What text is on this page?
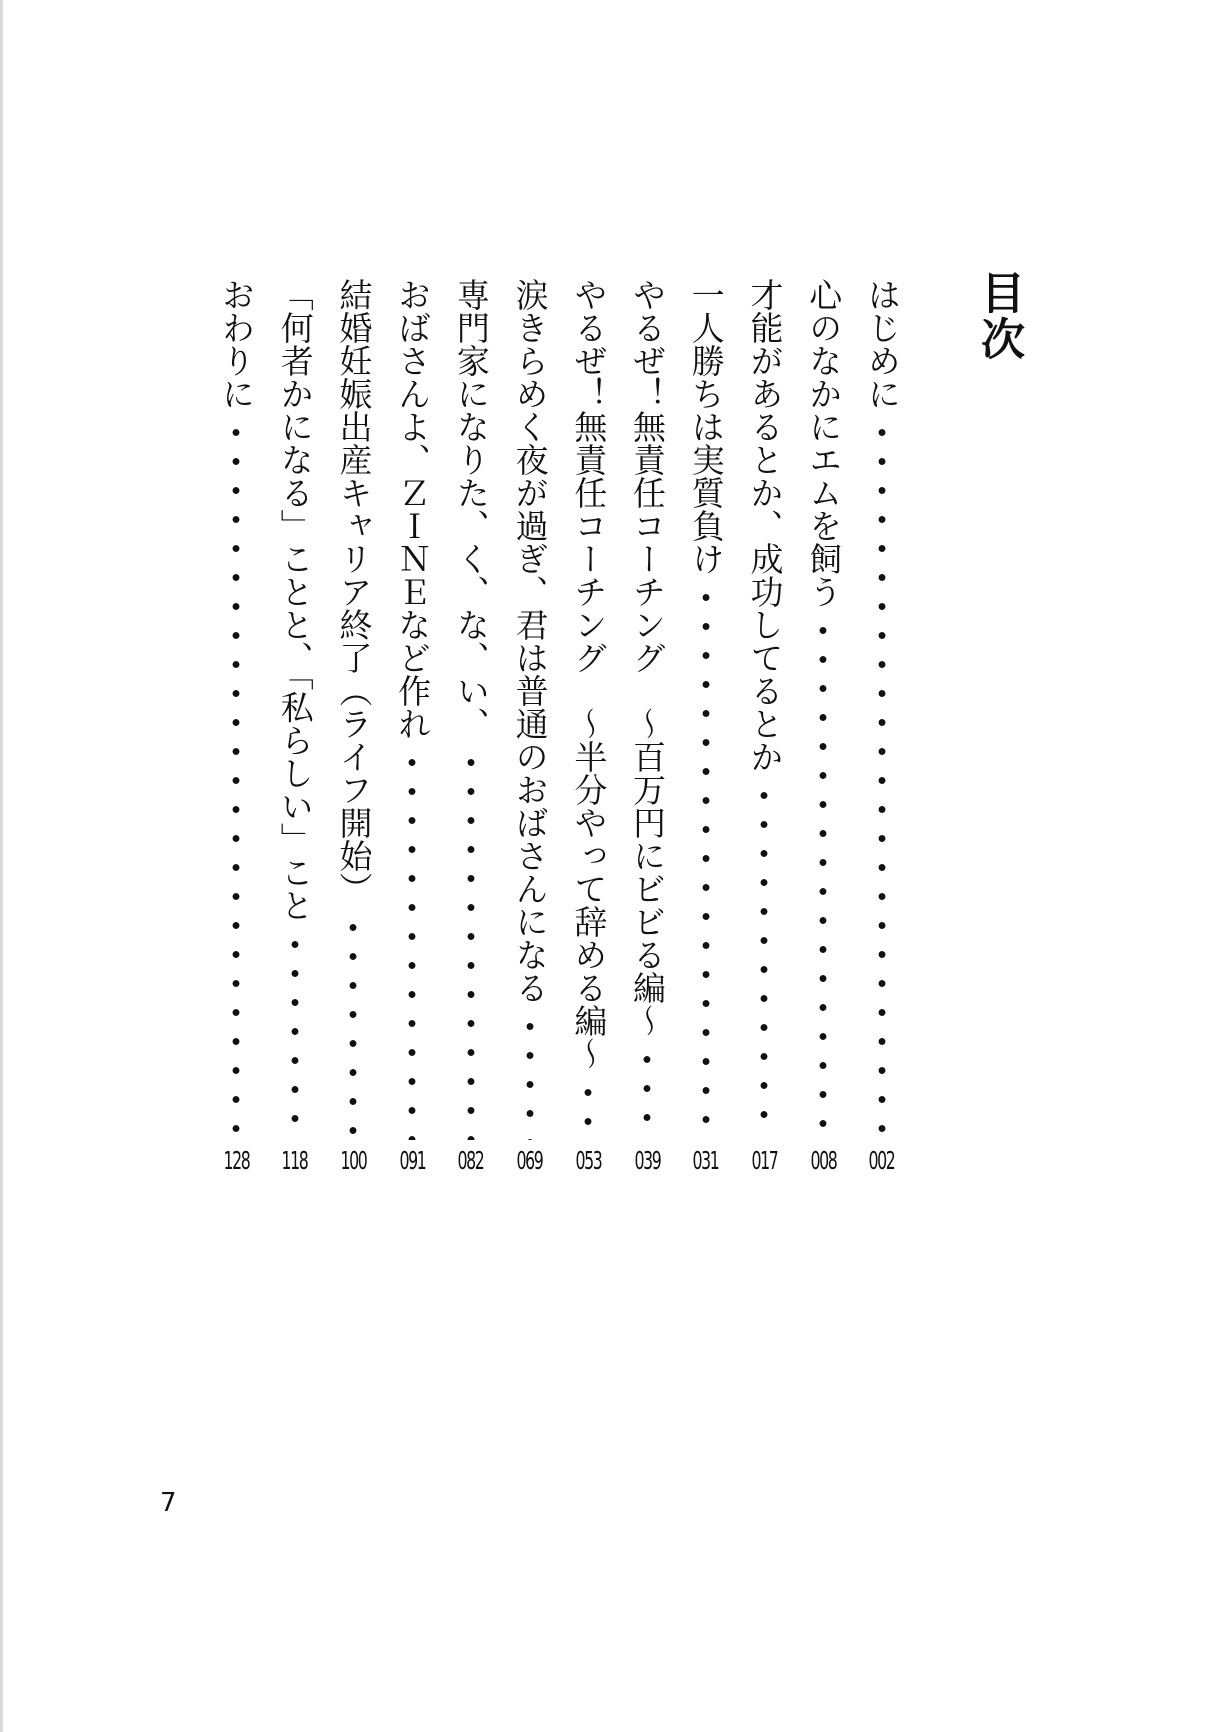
目次
はじめに
002
心のなかにエムを飼う
008
才能があるとか、成功してるとか
017
一人勝ちは実質負け
031
やるぜ！無責任コーチング　～百万円にビビる編～
039
やるぜ！無責任コーチング　～半分やって辞める編～
053
涙きらめく夜が過ぎ、君は普通のおばさんになる
069
専門家になりた、く、な、い、
082
おばさんよ、ＺＩＮＥなど作れ
091
結婚妊娠出産キャリア終了（ライフ開始）
100
「何者かになる」ことと、「私らしい」こと
118
おわりに
128
7
